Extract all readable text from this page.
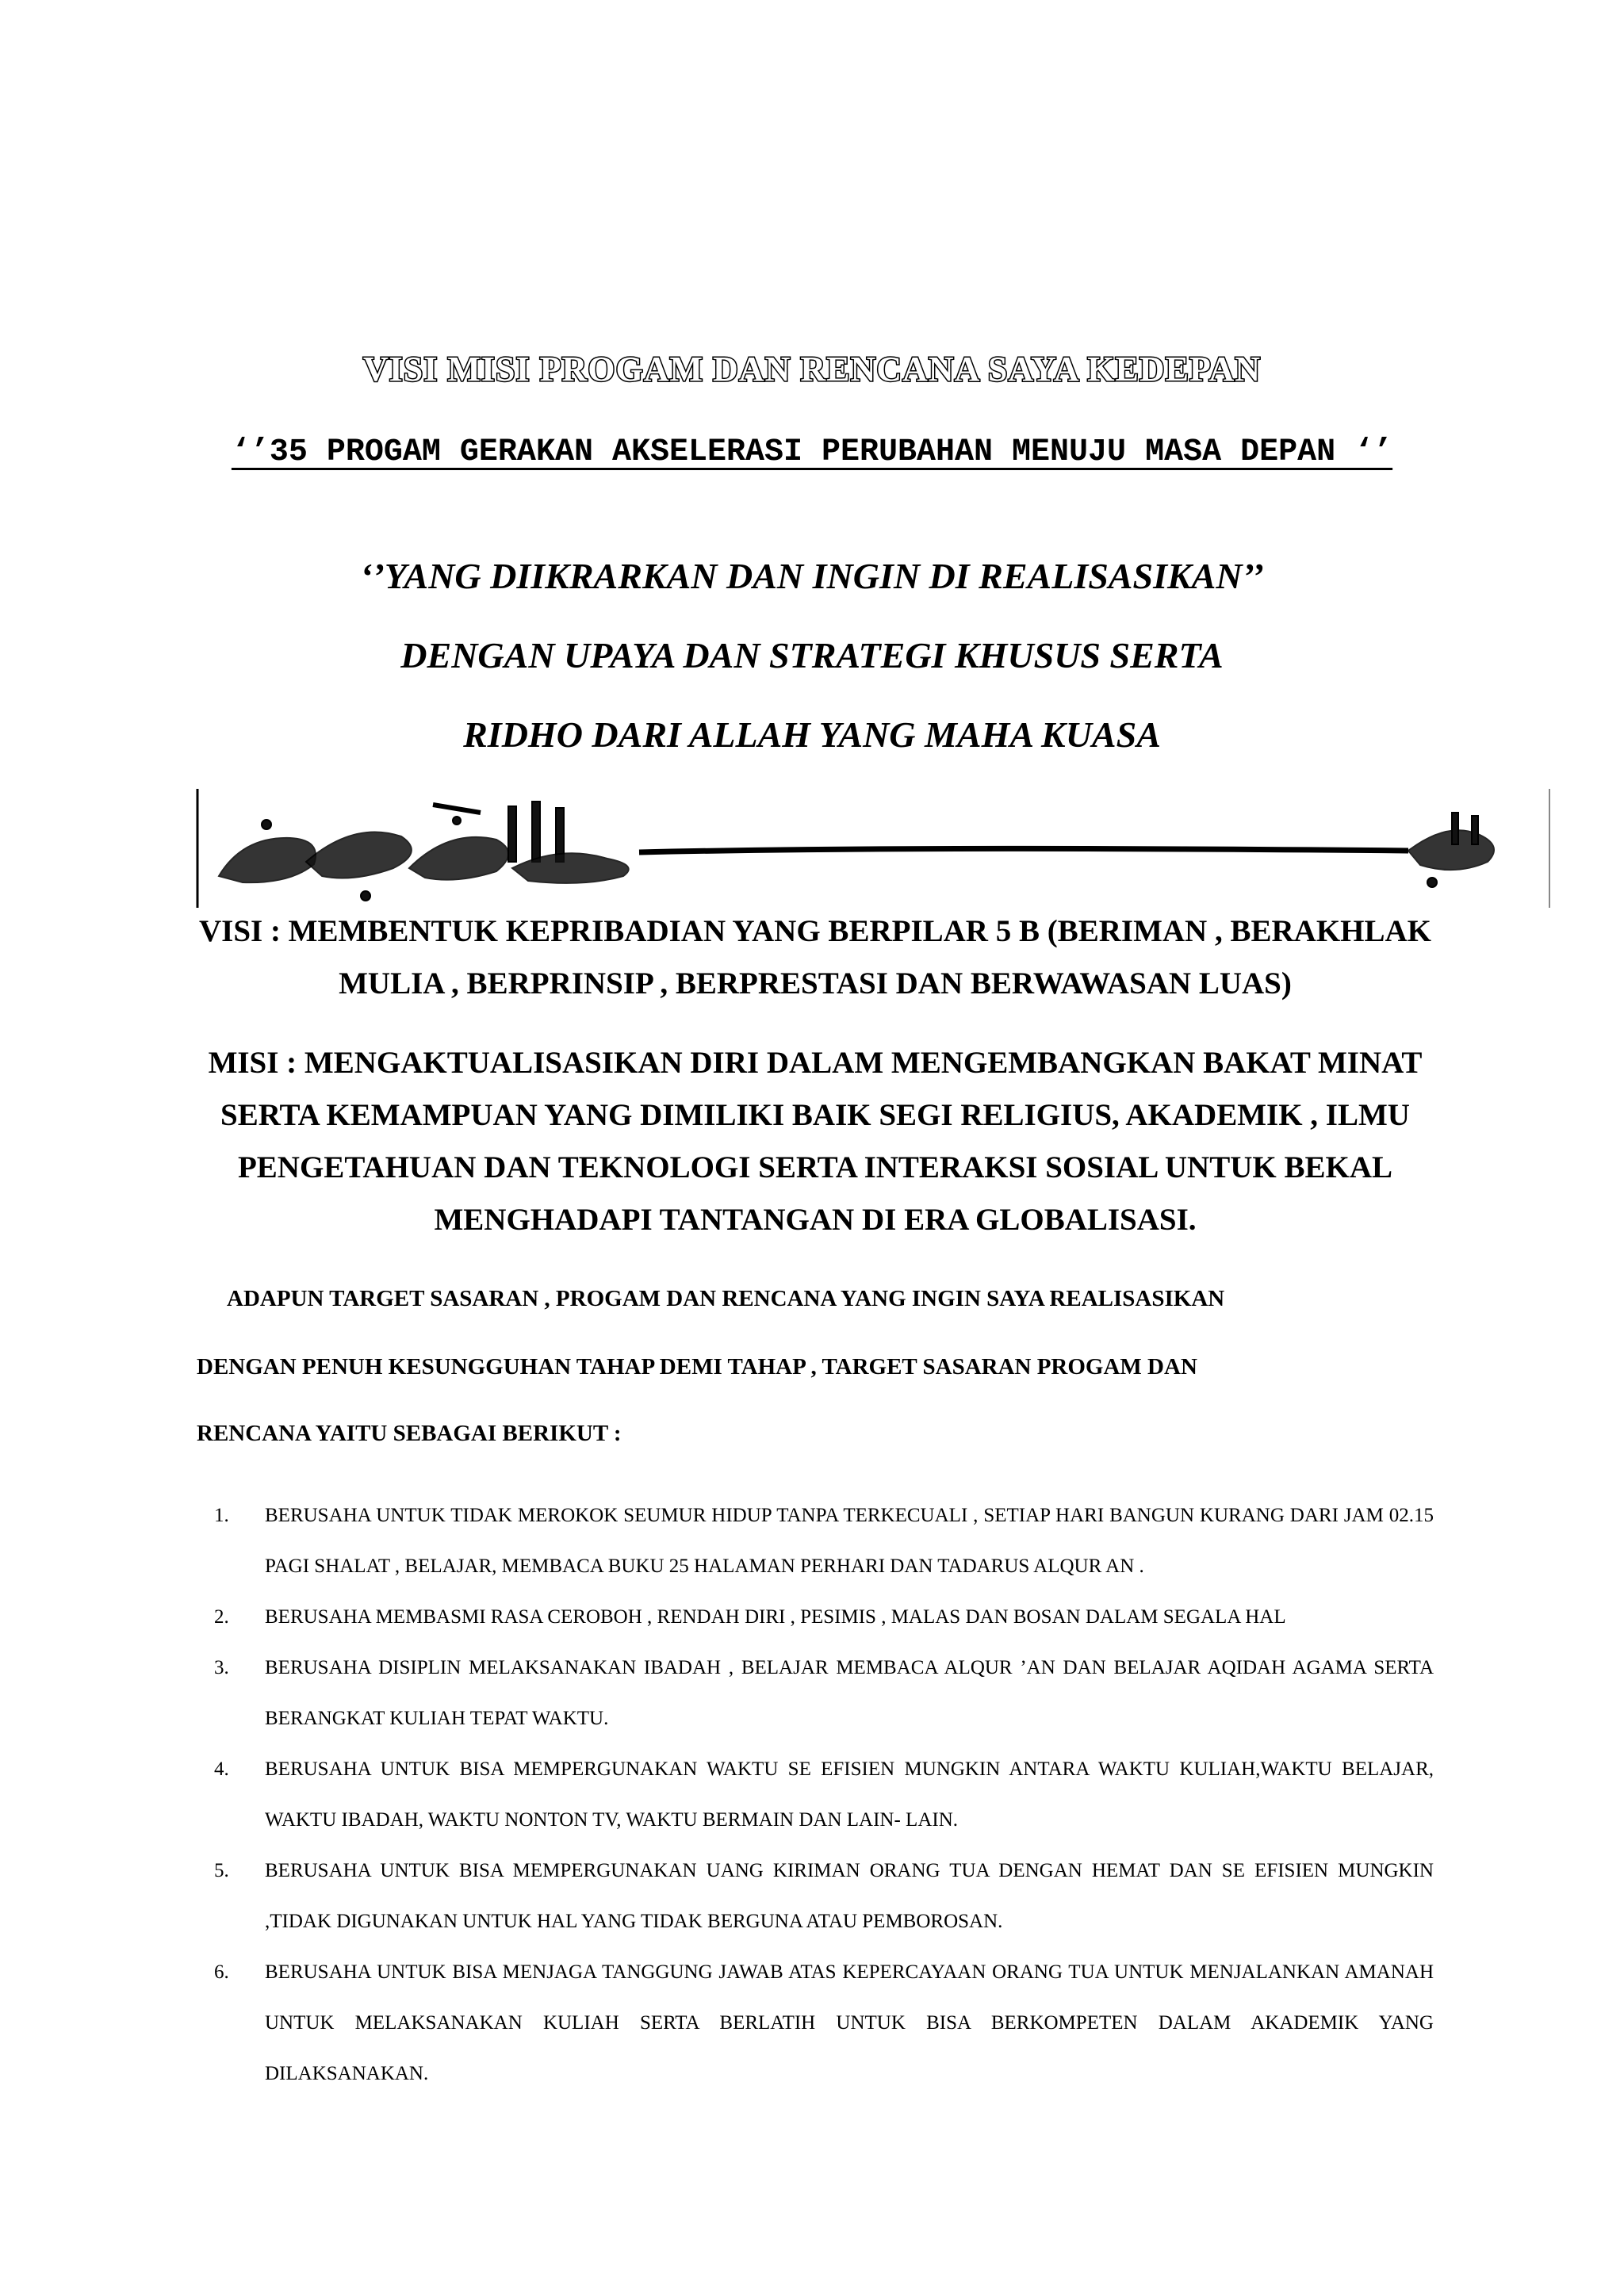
VISI MISI PROGAM DAN RENCANA SAYA KEDEPAN
‘’35 PROGAM GERAKAN AKSELERASI PERUBAHAN MENUJU MASA DEPAN ‘’
‘’YANG DIIKRARKAN DAN INGIN DI REALISASIKAN’’
DENGAN UPAYA DAN STRATEGI KHUSUS SERTA
RIDHO DARI ALLAH YANG MAHA KUASA
VISI : MEMBENTUK KEPRIBADIAN YANG BERPILAR 5 B (BERIMAN , BERAKHLAK MULIA , BERPRINSIP , BERPRESTASI DAN BERWAWASAN LUAS)
MISI : MENGAKTUALISASIKAN DIRI DALAM MENGEMBANGKAN BAKAT MINAT SERTA KEMAMPUAN YANG DIMILIKI BAIK SEGI RELIGIUS, AKADEMIK , ILMU PENGETAHUAN DAN TEKNOLOGI SERTA INTERAKSI SOSIAL UNTUK BEKAL MENGHADAPI TANTANGAN DI ERA GLOBALISASI.
ADAPUN TARGET SASARAN , PROGAM DAN RENCANA YANG INGIN SAYA REALISASIKAN
DENGAN PENUH KESUNGGUHAN TAHAP DEMI TAHAP , TARGET SASARAN PROGAM DAN
RENCANA YAITU SEBAGAI BERIKUT :
1. BERUSAHA UNTUK TIDAK MEROKOK SEUMUR HIDUP TANPA TERKECUALI , SETIAP HARI BANGUN KURANG DARI JAM 02.15 PAGI SHALAT , BELAJAR, MEMBACA BUKU 25 HALAMAN PERHARI DAN TADARUS ALQUR AN .
2. BERUSAHA MEMBASMI RASA CEROBOH , RENDAH DIRI , PESIMIS , MALAS DAN BOSAN DALAM SEGALA HAL
3. BERUSAHA DISIPLIN MELAKSANAKAN IBADAH , BELAJAR MEMBACA ALQUR ’AN DAN BELAJAR AQIDAH AGAMA SERTA BERANGKAT KULIAH TEPAT WAKTU.
4. BERUSAHA UNTUK BISA MEMPERGUNAKAN WAKTU SE EFISIEN MUNGKIN ANTARA WAKTU KULIAH,WAKTU BELAJAR, WAKTU IBADAH, WAKTU NONTON TV, WAKTU BERMAIN DAN LAIN- LAIN.
5. BERUSAHA UNTUK BISA MEMPERGUNAKAN UANG KIRIMAN ORANG TUA DENGAN HEMAT DAN SE EFISIEN MUNGKIN ,TIDAK DIGUNAKAN UNTUK HAL YANG TIDAK BERGUNA ATAU PEMBOROSAN.
6. BERUSAHA UNTUK BISA MENJAGA TANGGUNG JAWAB ATAS KEPERCAYAAN ORANG TUA UNTUK MENJALANKAN AMANAH UNTUK MELAKSANAKAN KULIAH SERTA BERLATIH UNTUK BISA BERKOMPETEN DALAM AKADEMIK YANG DILAKSANAKAN.
